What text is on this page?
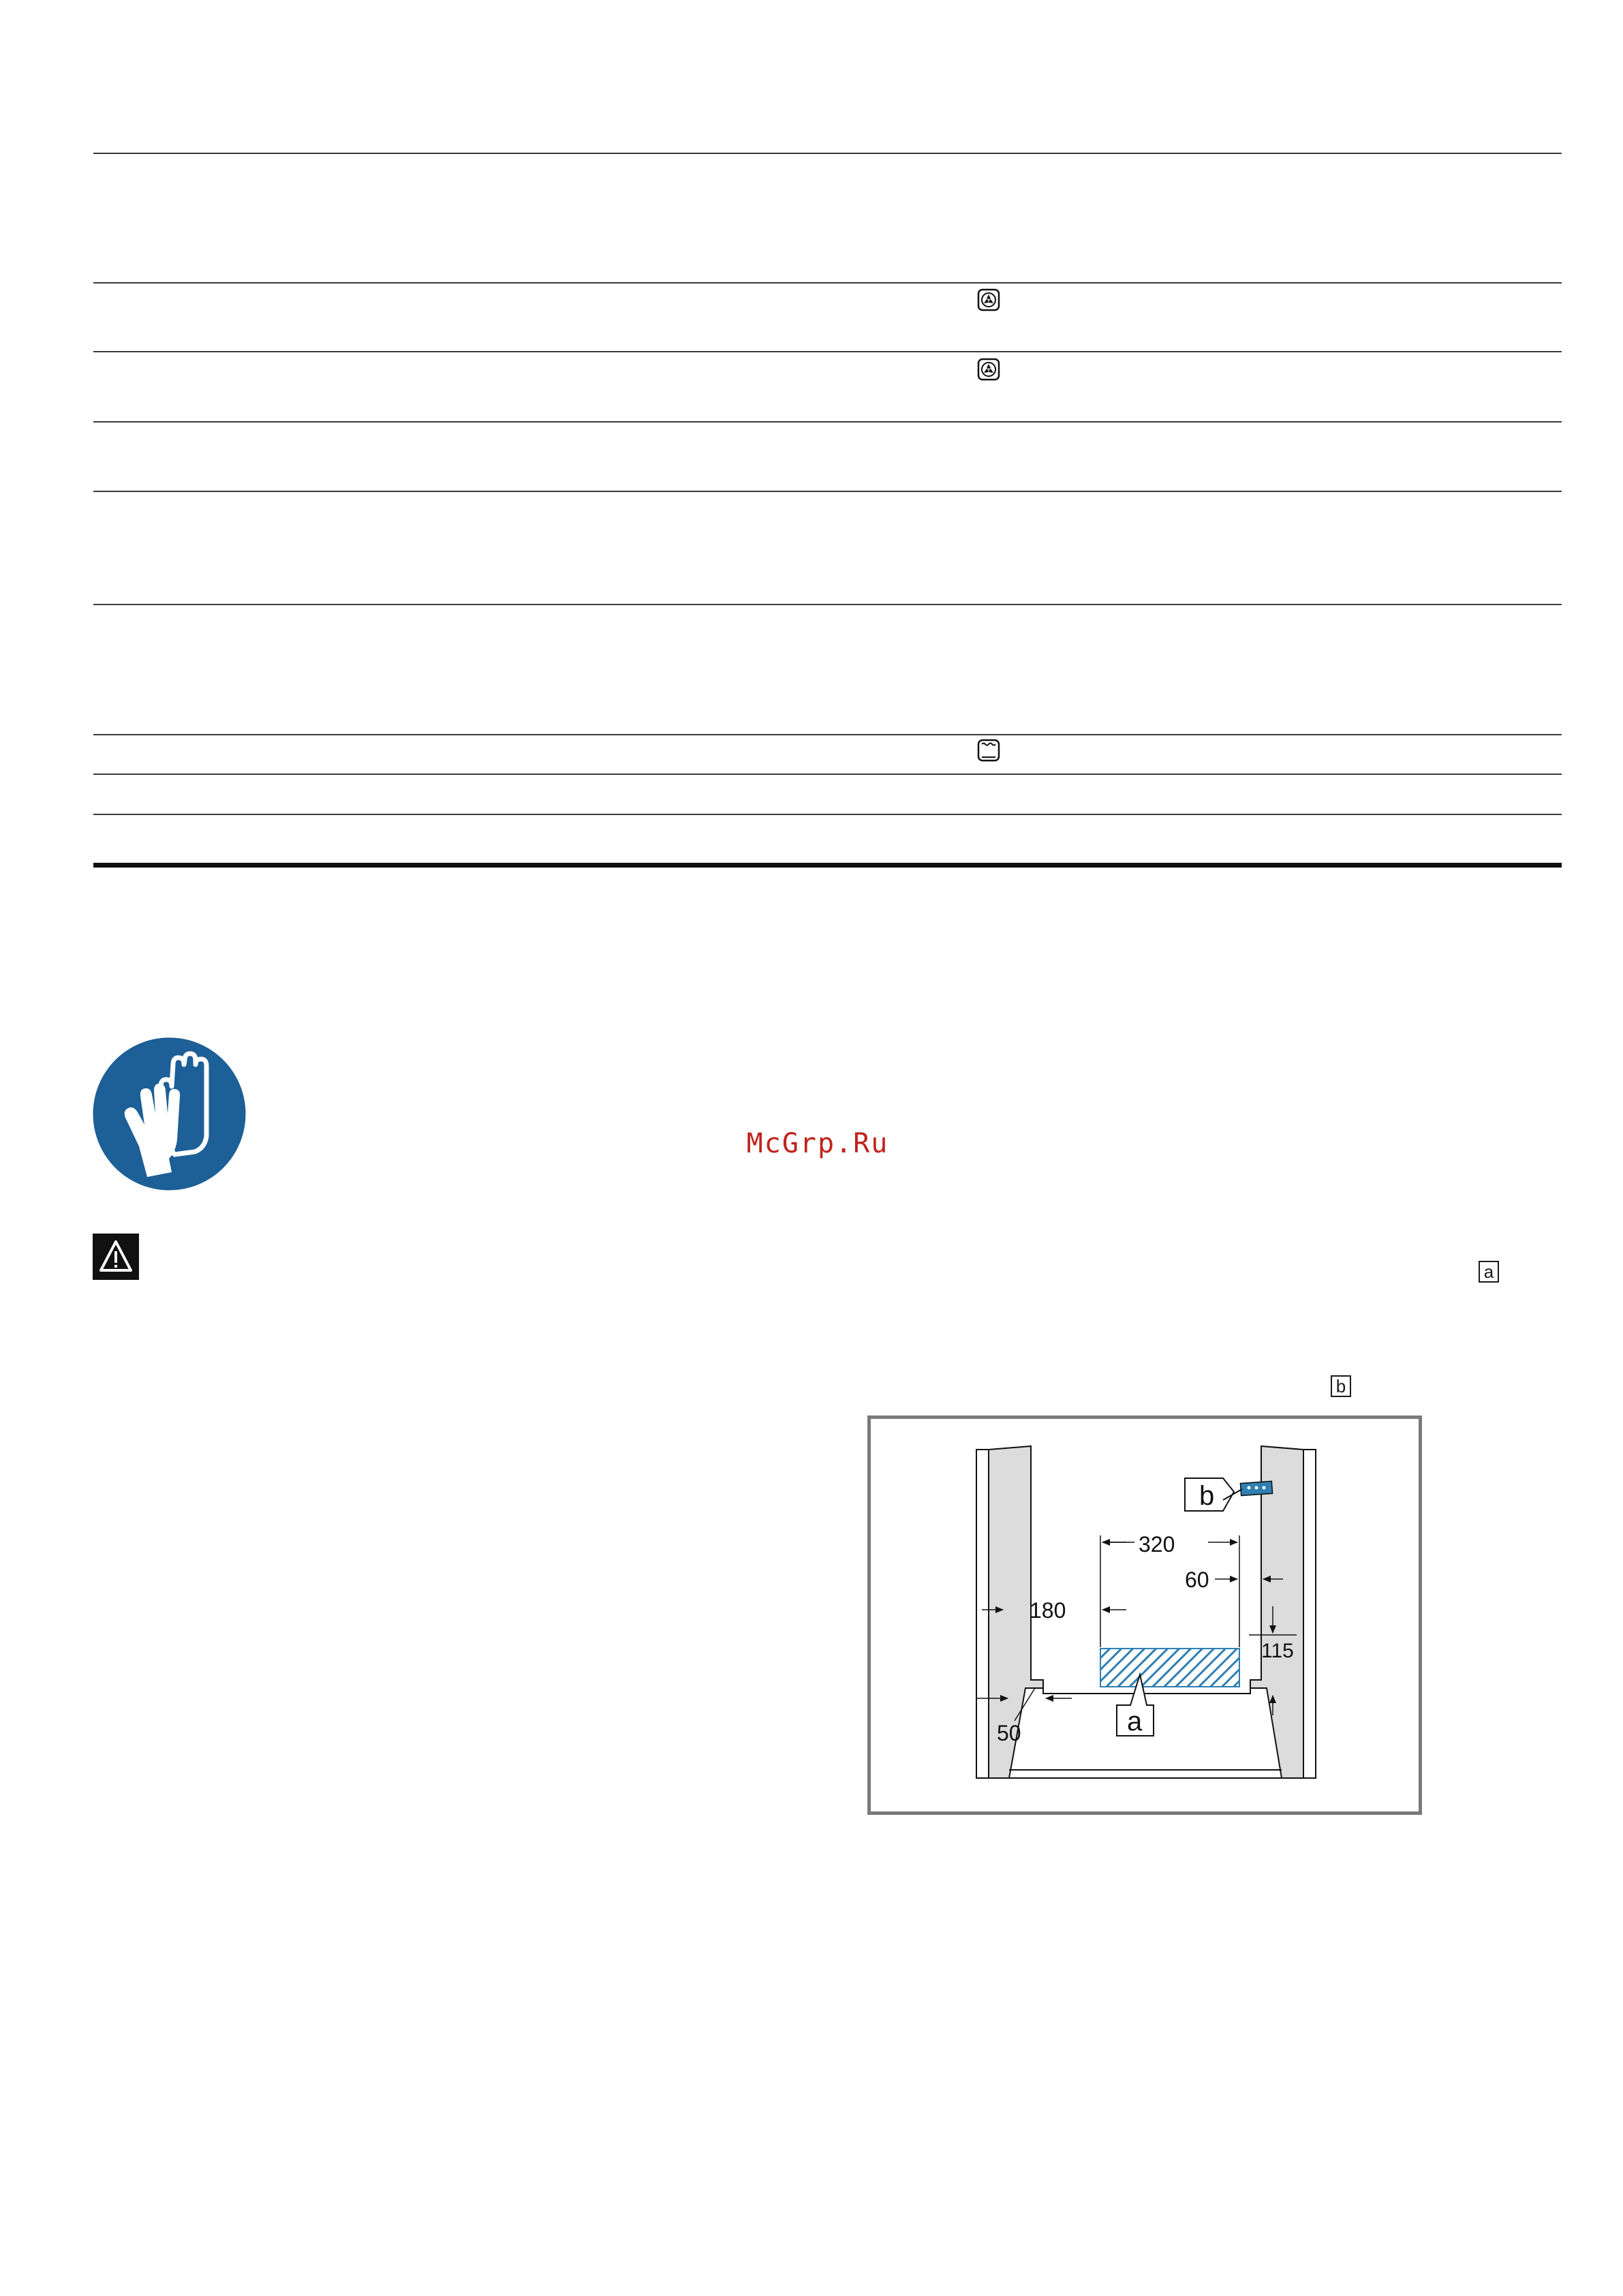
McGrp.Ru
a
b
b
a
320
60
180
115
50
